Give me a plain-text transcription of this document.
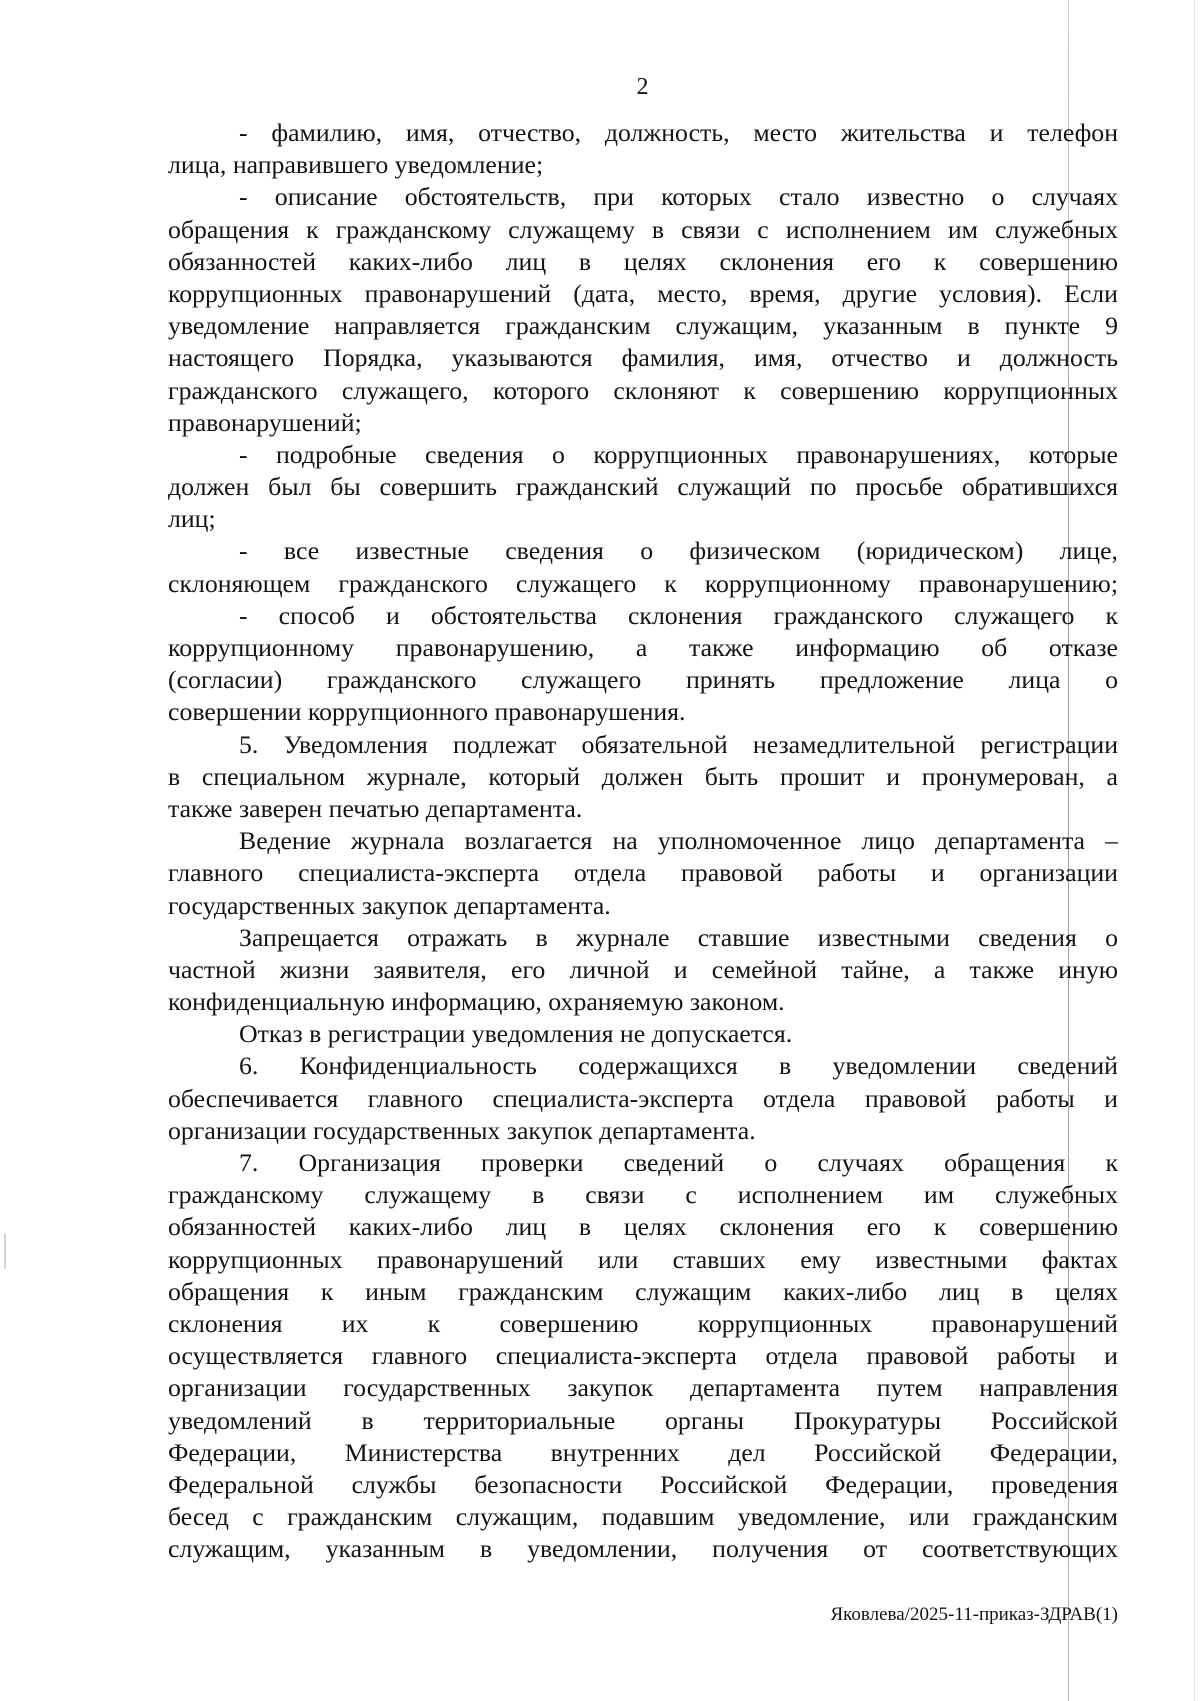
2
- фамилию, имя, отчество, должность, место жительства и телефон
лица, направившего уведомление;
- описание обстоятельств, при которых стало известно о случаях
обращения к гражданскому служащему в связи с исполнением им служебных
обязанностей каких-либо лиц в целях склонения его к совершению
коррупционных правонарушений (дата, место, время, другие условия). Если
уведомление направляется гражданским служащим, указанным в пункте 9
настоящего Порядка, указываются фамилия, имя, отчество и должность
гражданского служащего, которого склоняют к совершению коррупционных
правонарушений;
- подробные сведения о коррупционных правонарушениях, которые
должен был бы совершить гражданский служащий по просьбе обратившихся
лиц;
- все известные сведения о физическом (юридическом) лице,
склоняющем гражданского служащего к коррупционному правонарушению;
- способ и обстоятельства склонения гражданского служащего к
коррупционному правонарушению, а также информацию об отказе
(согласии) гражданского служащего принять предложение лица о
совершении коррупционного правонарушения.
5. Уведомления подлежат обязательной незамедлительной регистрации
в специальном журнале, который должен быть прошит и пронумерован, а
также заверен печатью департамента.
Ведение журнала возлагается на уполномоченное лицо департамента –
главного специалиста-эксперта отдела правовой работы и организации
государственных закупок департамента.
Запрещается отражать в журнале ставшие известными сведения о
частной жизни заявителя, его личной и семейной тайне, а также иную
конфиденциальную информацию, охраняемую законом.
Отказ в регистрации уведомления не допускается.
6. Конфиденциальность содержащихся в уведомлении сведений
обеспечивается главного специалиста-эксперта отдела правовой работы и
организации государственных закупок департамента.
7. Организация проверки сведений о случаях обращения к
гражданскому служащему в связи с исполнением им служебных
обязанностей каких-либо лиц в целях склонения его к совершению
коррупционных правонарушений или ставших ему известными фактах
обращения к иным гражданским служащим каких-либо лиц в целях
склонения их к совершению коррупционных правонарушений
осуществляется главного специалиста-эксперта отдела правовой работы и
организации государственных закупок департамента путем направления
уведомлений в территориальные органы Прокуратуры Российской
Федерации, Министерства внутренних дел Российской Федерации,
Федеральной службы безопасности Российской Федерации, проведения
бесед с гражданским служащим, подавшим уведомление, или гражданским
служащим, указанным в уведомлении, получения от соответствующих
Яковлева/2025-11-приказ-ЗДРАВ(1)
